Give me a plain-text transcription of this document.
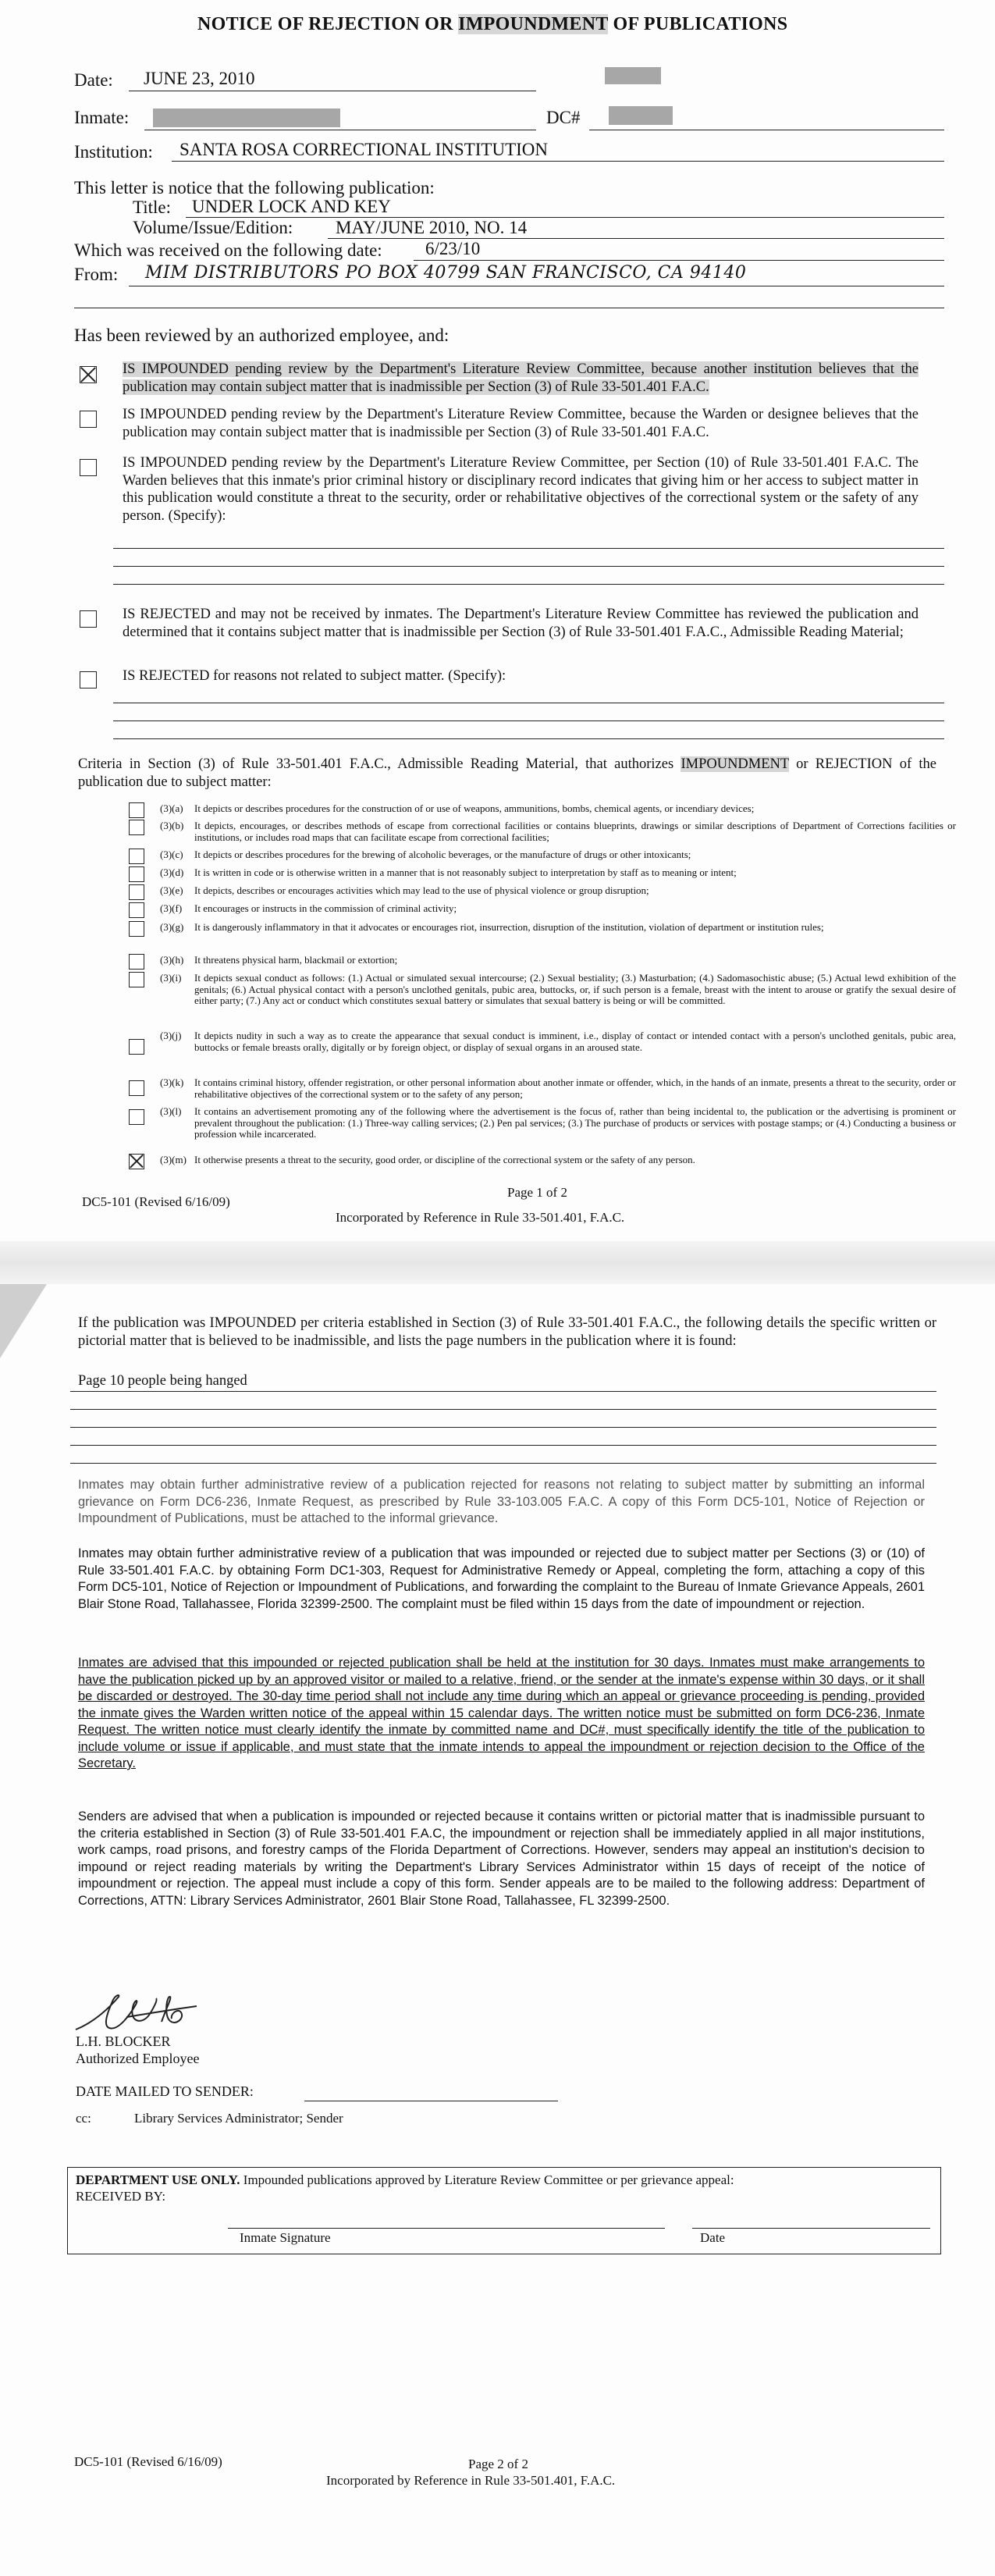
NOTICE OF REJECTION OR IMPOUNDMENT OF PUBLICATIONS
Date: JUNE 23, 2010
Inmate:	DC#
Institution: SANTA ROSA CORRECTIONAL INSTITUTION
This letter is notice that the following publication:
Title: UNDER LOCK AND KEY
Volume/Issue/Edition: MAY/JUNE 2010, NO. 14
Which was received on the following date: 6/23/10
From: MIM DISTRIBUTORS PO BOX 40799 SAN FRANCISCO, CA 94140
Has been reviewed by an authorized employee, and:
IS IMPOUNDED pending review by the Department's Literature Review Committee, because another institution believes that the publication may contain subject matter that is inadmissible per Section (3) of Rule 33-501.401 F.A.C.
IS IMPOUNDED pending review by the Department's Literature Review Committee, because the Warden or designee believes that the publication may contain subject matter that is inadmissible per Section (3) of Rule 33-501.401 F.A.C.
IS IMPOUNDED pending review by the Department's Literature Review Committee, per Section (10) of Rule 33-501.401 F.A.C. The Warden believes that this inmate's prior criminal history or disciplinary record indicates that giving him or her access to subject matter in this publication would constitute a threat to the security, order or rehabilitative objectives of the correctional system or the safety of any person. (Specify):
IS REJECTED and may not be received by inmates. The Department's Literature Review Committee has reviewed the publication and determined that it contains subject matter that is inadmissible per Section (3) of Rule 33-501.401 F.A.C., Admissible Reading Material;
IS REJECTED for reasons not related to subject matter. (Specify):
Criteria in Section (3) of Rule 33-501.401 F.A.C., Admissible Reading Material, that authorizes IMPOUNDMENT or REJECTION of the publication due to subject matter:
(3)(a)	It depicts or describes procedures for the construction of or use of weapons, ammunitions, bombs, chemical agents, or incendiary devices;
(3)(b)	It depicts, encourages, or describes methods of escape from correctional facilities or contains blueprints, drawings or similar descriptions of Department of Corrections facilities or institutions, or includes road maps that can facilitate escape from correctional facilities;
(3)(c)	It depicts or describes procedures for the brewing of alcoholic beverages, or the manufacture of drugs or other intoxicants;
(3)(d)	It is written in code or is otherwise written in a manner that is not reasonably subject to interpretation by staff as to meaning or intent;
(3)(e)	It depicts, describes or encourages activities which may lead to the use of physical violence or group disruption;
(3)(f)	It encourages or instructs in the commission of criminal activity;
(3)(g)	It is dangerously inflammatory in that it advocates or encourages riot, insurrection, disruption of the institution, violation of department or institution rules;
(3)(h)	It threatens physical harm, blackmail or extortion;
(3)(i)	It depicts sexual conduct as follows: (1.) Actual or simulated sexual intercourse; (2.) Sexual bestiality; (3.) Masturbation; (4.) Sadomasochistic abuse; (5.) Actual lewd exhibition of the genitals; (6.) Actual physical contact with a person's unclothed genitals, pubic area, buttocks, or, if such person is a female, breast with the intent to arouse or gratify the sexual desire of either party; (7.) Any act or conduct which constitutes sexual battery or simulates that sexual battery is being or will be committed.
(3)(j)	It depicts nudity in such a way as to create the appearance that sexual conduct is imminent, i.e., display of contact or intended contact with a person's unclothed genitals, pubic area, buttocks or female breasts orally, digitally or by foreign object, or display of sexual organs in an aroused state.
(3)(k)	It contains criminal history, offender registration, or other personal information about another inmate or offender, which, in the hands of an inmate, presents a threat to the security, order or rehabilitative objectives of the correctional system or to the safety of any person;
(3)(l)	It contains an advertisement promoting any of the following where the advertisement is the focus of, rather than being incidental to, the publication or the advertising is prominent or prevalent throughout the publication: (1.) Three-way calling services; (2.) Pen pal services; (3.) The purchase of products or services with postage stamps; or (4.) Conducting a business or profession while incarcerated.
(3)(m) It otherwise presents a threat to the security, good order, or discipline of the correctional system or the safety of any person.
DC5-101 (Revised 6/16/09)
Page 1 of 2
Incorporated by Reference in Rule 33-501.401, F.A.C.
If the publication was IMPOUNDED per criteria established in Section (3) of Rule 33-501.401 F.A.C., the following details the specific written or pictorial matter that is believed to be inadmissible, and lists the page numbers in the publication where it is found:
Page 10 people being hanged
Inmates may obtain further administrative review of a publication rejected for reasons not relating to subject matter by submitting an informal grievance on Form DC6-236, Inmate Request, as prescribed by Rule 33-103.005 F.A.C. A copy of this Form DC5-101, Notice of Rejection or Impoundment of Publications, must be attached to the informal grievance.
Inmates may obtain further administrative review of a publication that was impounded or rejected due to subject matter per Sections (3) or (10) of Rule 33-501.401 F.A.C. by obtaining Form DC1-303, Request for Administrative Remedy or Appeal, completing the form, attaching a copy of this Form DC5-101, Notice of Rejection or Impoundment of Publications, and forwarding the complaint to the Bureau of Inmate Grievance Appeals, 2601 Blair Stone Road, Tallahassee, Florida 32399-2500. The complaint must be filed within 15 days from the date of impoundment or rejection.
Inmates are advised that this impounded or rejected publication shall be held at the institution for 30 days. Inmates must make arrangements to have the publication picked up by an approved visitor or mailed to a relative, friend, or the sender at the inmate's expense within 30 days, or it shall be discarded or destroyed. The 30-day time period shall not include any time during which an appeal or grievance proceeding is pending, provided the inmate gives the Warden written notice of the appeal within 15 calendar days. The written notice must be submitted on form DC6-236, Inmate Request. The written notice must clearly identify the inmate by committed name and DC#, must specifically identify the title of the publication to include volume or issue if applicable, and must state that the inmate intends to appeal the impoundment or rejection decision to the Office of the Secretary.
Senders are advised that when a publication is impounded or rejected because it contains written or pictorial matter that is inadmissible pursuant to the criteria established in Section (3) of Rule 33-501.401 F.A.C, the impoundment or rejection shall be immediately applied in all major institutions, work camps, road prisons, and forestry camps of the Florida Department of Corrections. However, senders may appeal an institution's decision to impound or reject reading materials by writing the Department's Library Services Administrator within 15 days of receipt of the notice of impoundment or rejection. The appeal must include a copy of this form. Sender appeals are to be mailed to the following address: Department of Corrections, ATTN: Library Services Administrator, 2601 Blair Stone Road, Tallahassee, FL 32399-2500.
L.H. BLOCKER
Authorized Employee
DATE MAILED TO SENDER:
cc:	Library Services Administrator; Sender
DEPARTMENT USE ONLY. Impounded publications approved by Literature Review Committee or per grievance appeal:
RECEIVED BY:
Inmate Signature	Date
DC5-101 (Revised 6/16/09)	Page 2 of 2
Incorporated by Reference in Rule 33-501.401, F.A.C.
